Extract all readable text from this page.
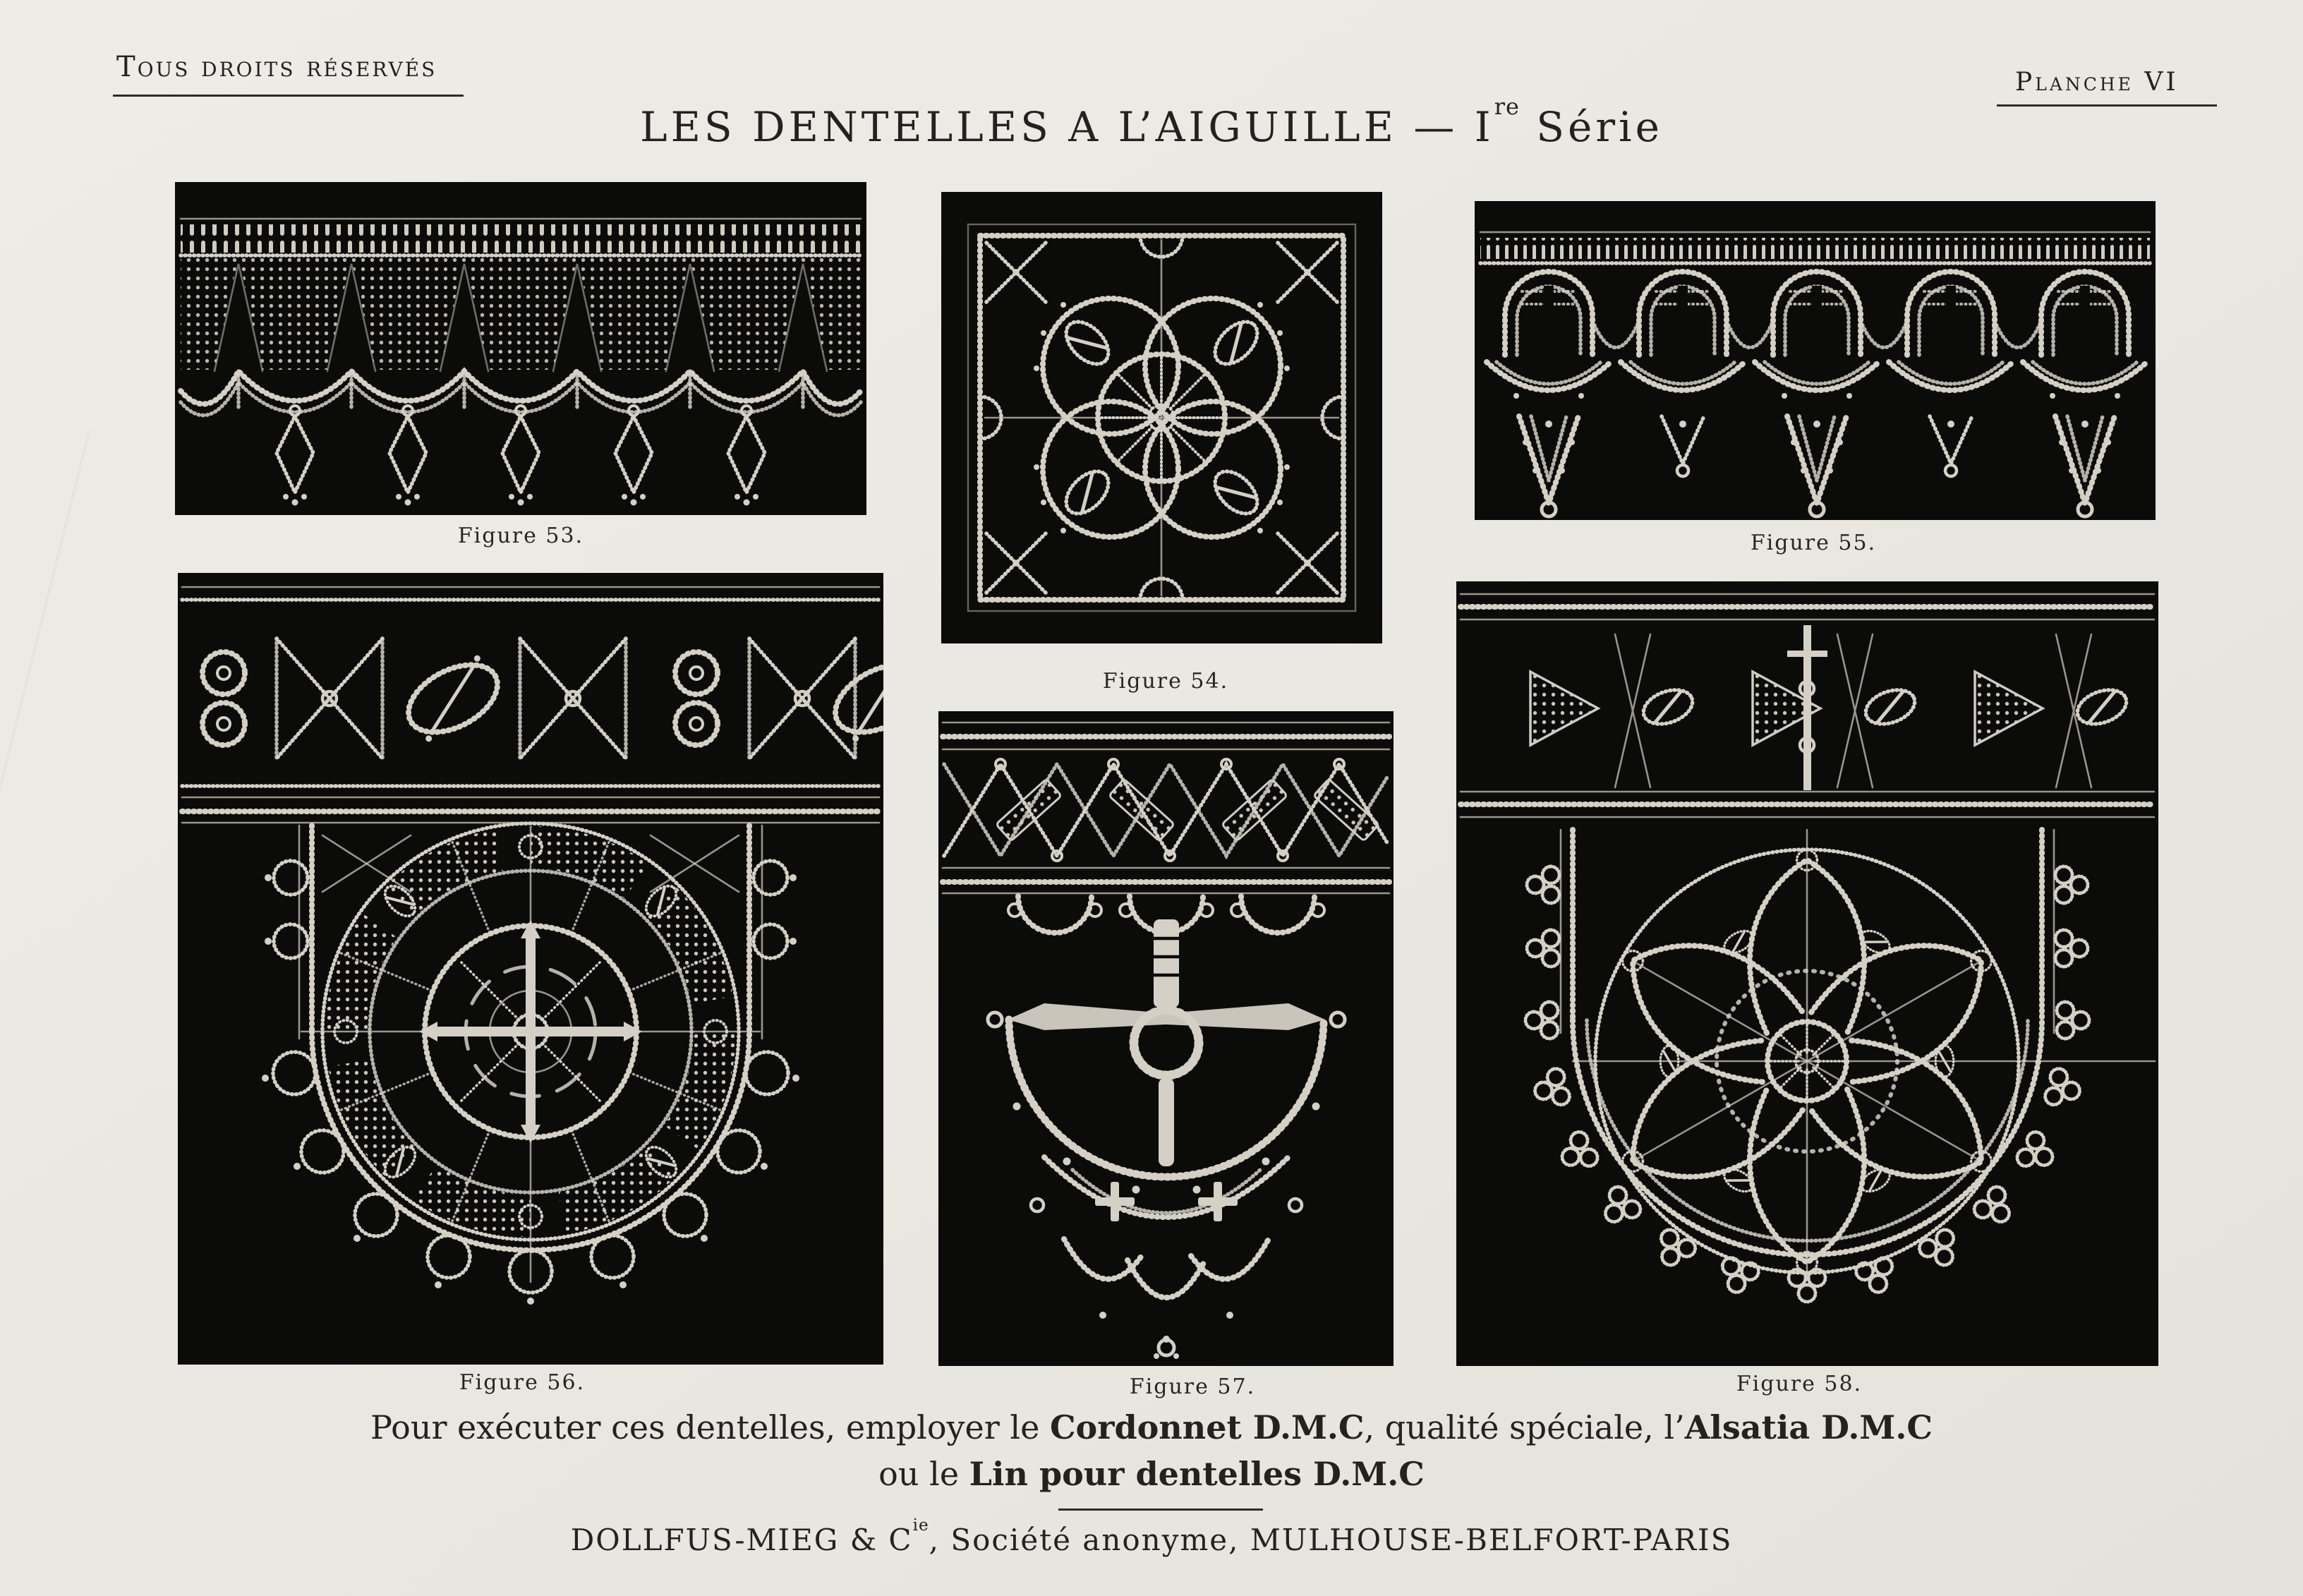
Tous droits réservés	Planche VI
LES DENTELLES A L’AIGUILLE — Ire Série
Figure 53.
Figure 54.
Figure 55.
Figure 56.	Figure 57.	Figure 58.
Pour exécuter ces dentelles, employer le Cordonnet D.M.C, qualité spéciale, l’Alsatia D.M.C
ou le Lin pour dentelles D.M.C
DOLLFUS-MIEG & $C^{ie}$, Société anonyme, MULHOUSE-BELFORT-PARIS
